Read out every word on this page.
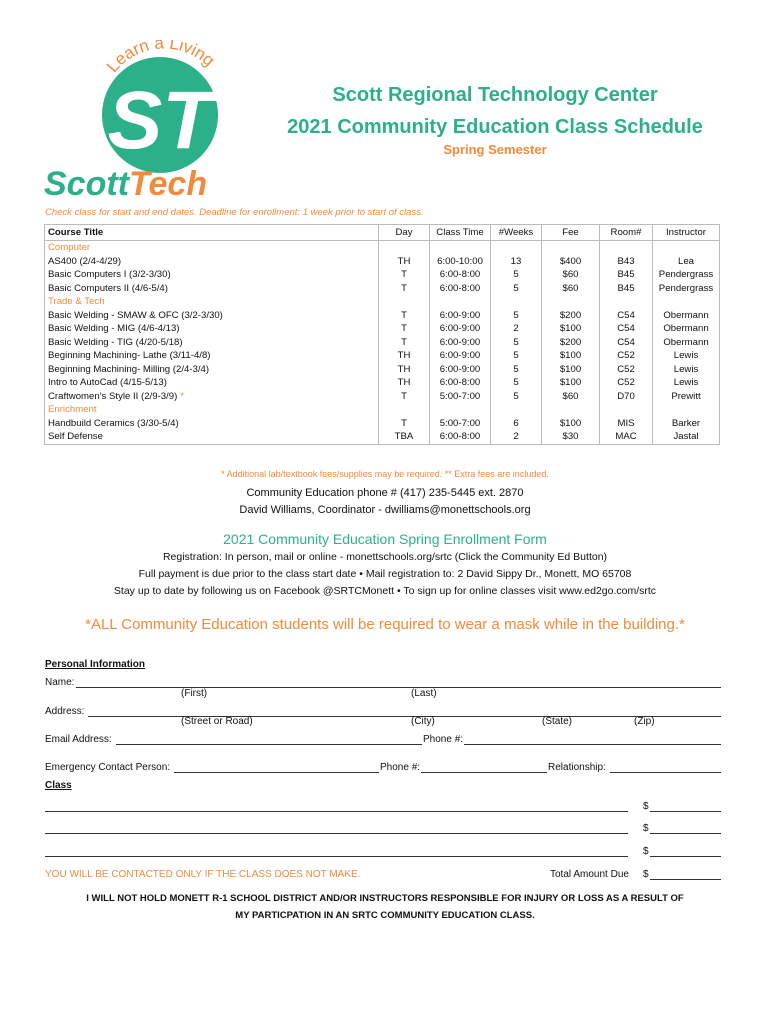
ST
Learn a Living
ScottTech
Scott Regional Technology Center
2021 Community Education Class Schedule
Spring Semester
Check class for start and end dates. Deadline for enrollment: 1 week prior to start of class.
Course Title	Day	Class Time	#Weeks	Fee	Room#	Instructor
Computer						
AS400 (2/4-4/29)	TH	6:00-10:00	13	$400	B43	Lea
Basic Computers I (3/2-3/30)	T	6:00-8:00	5	$60	B45	Pendergrass
Basic Computers II (4/6-5/4)	T	6:00-8:00	5	$60	B45	Pendergrass
Trade & Tech						
Basic Welding - SMAW & OFC (3/2-3/30)	T	6:00-9:00	5	$200	C54	Obermann
Basic Welding - MIG (4/6-4/13)	T	6:00-9:00	2	$100	C54	Obermann
Basic Welding - TIG (4/20-5/18)	T	6:00-9:00	5	$200	C54	Obermann
Beginning Machining- Lathe (3/11-4/8)	TH	6:00-9:00	5	$100	C52	Lewis
Beginning Machining- Milling (2/4-3/4)	TH	6:00-9:00	5	$100	C52	Lewis
Intro to AutoCad (4/15-5/13)	TH	6:00-8:00	5	$100	C52	Lewis
Craftwomen's Style II (2/9-3/9) *	T	5:00-7:00	5	$60	D70	Prewitt
Enrichment						
Handbuild Ceramics (3/30-5/4)	T	5:00-7:00	6	$100	MIS	Barker
Self Defense	TBA	6:00-8:00	2	$30	MAC	Jastal
* Additional lab/textbook fees/supplies may be required. ** Extra fees are included.
Community Education phone # (417) 235-5445 ext. 2870
David Williams, Coordinator - dwilliams@monettschools.org
2021 Community Education Spring Enrollment Form
Registration: In person, mail or online - monettschools.org/srtc (Click the Community Ed Button)
Full payment is due prior to the class start date • Mail registration to: 2 David Sippy Dr., Monett, MO 65708
Stay up to date by following us on Facebook @SRTCMonett • To sign up for online classes visit www.ed2go.com/srtc
*ALL Community Education students will be required to wear a mask while in the building.*
Personal Information
Name:
(First)	(Last)
Address:
(Street or Road)	(City)	(State)	(Zip)
Email Address:	Phone #:
Emergency Contact Person:	Phone #:	Relationship:
Class
$
$
$
YOU WILL BE CONTACTED ONLY IF THE CLASS DOES NOT MAKE.	Total Amount Due $
I WILL NOT HOLD MONETT R-1 SCHOOL DISTRICT AND/OR INSTRUCTORS RESPONSIBLE FOR INJURY OR LOSS AS A RESULT OF
MY PARTICPATION IN AN SRTC COMMUNITY EDUCATION CLASS.
